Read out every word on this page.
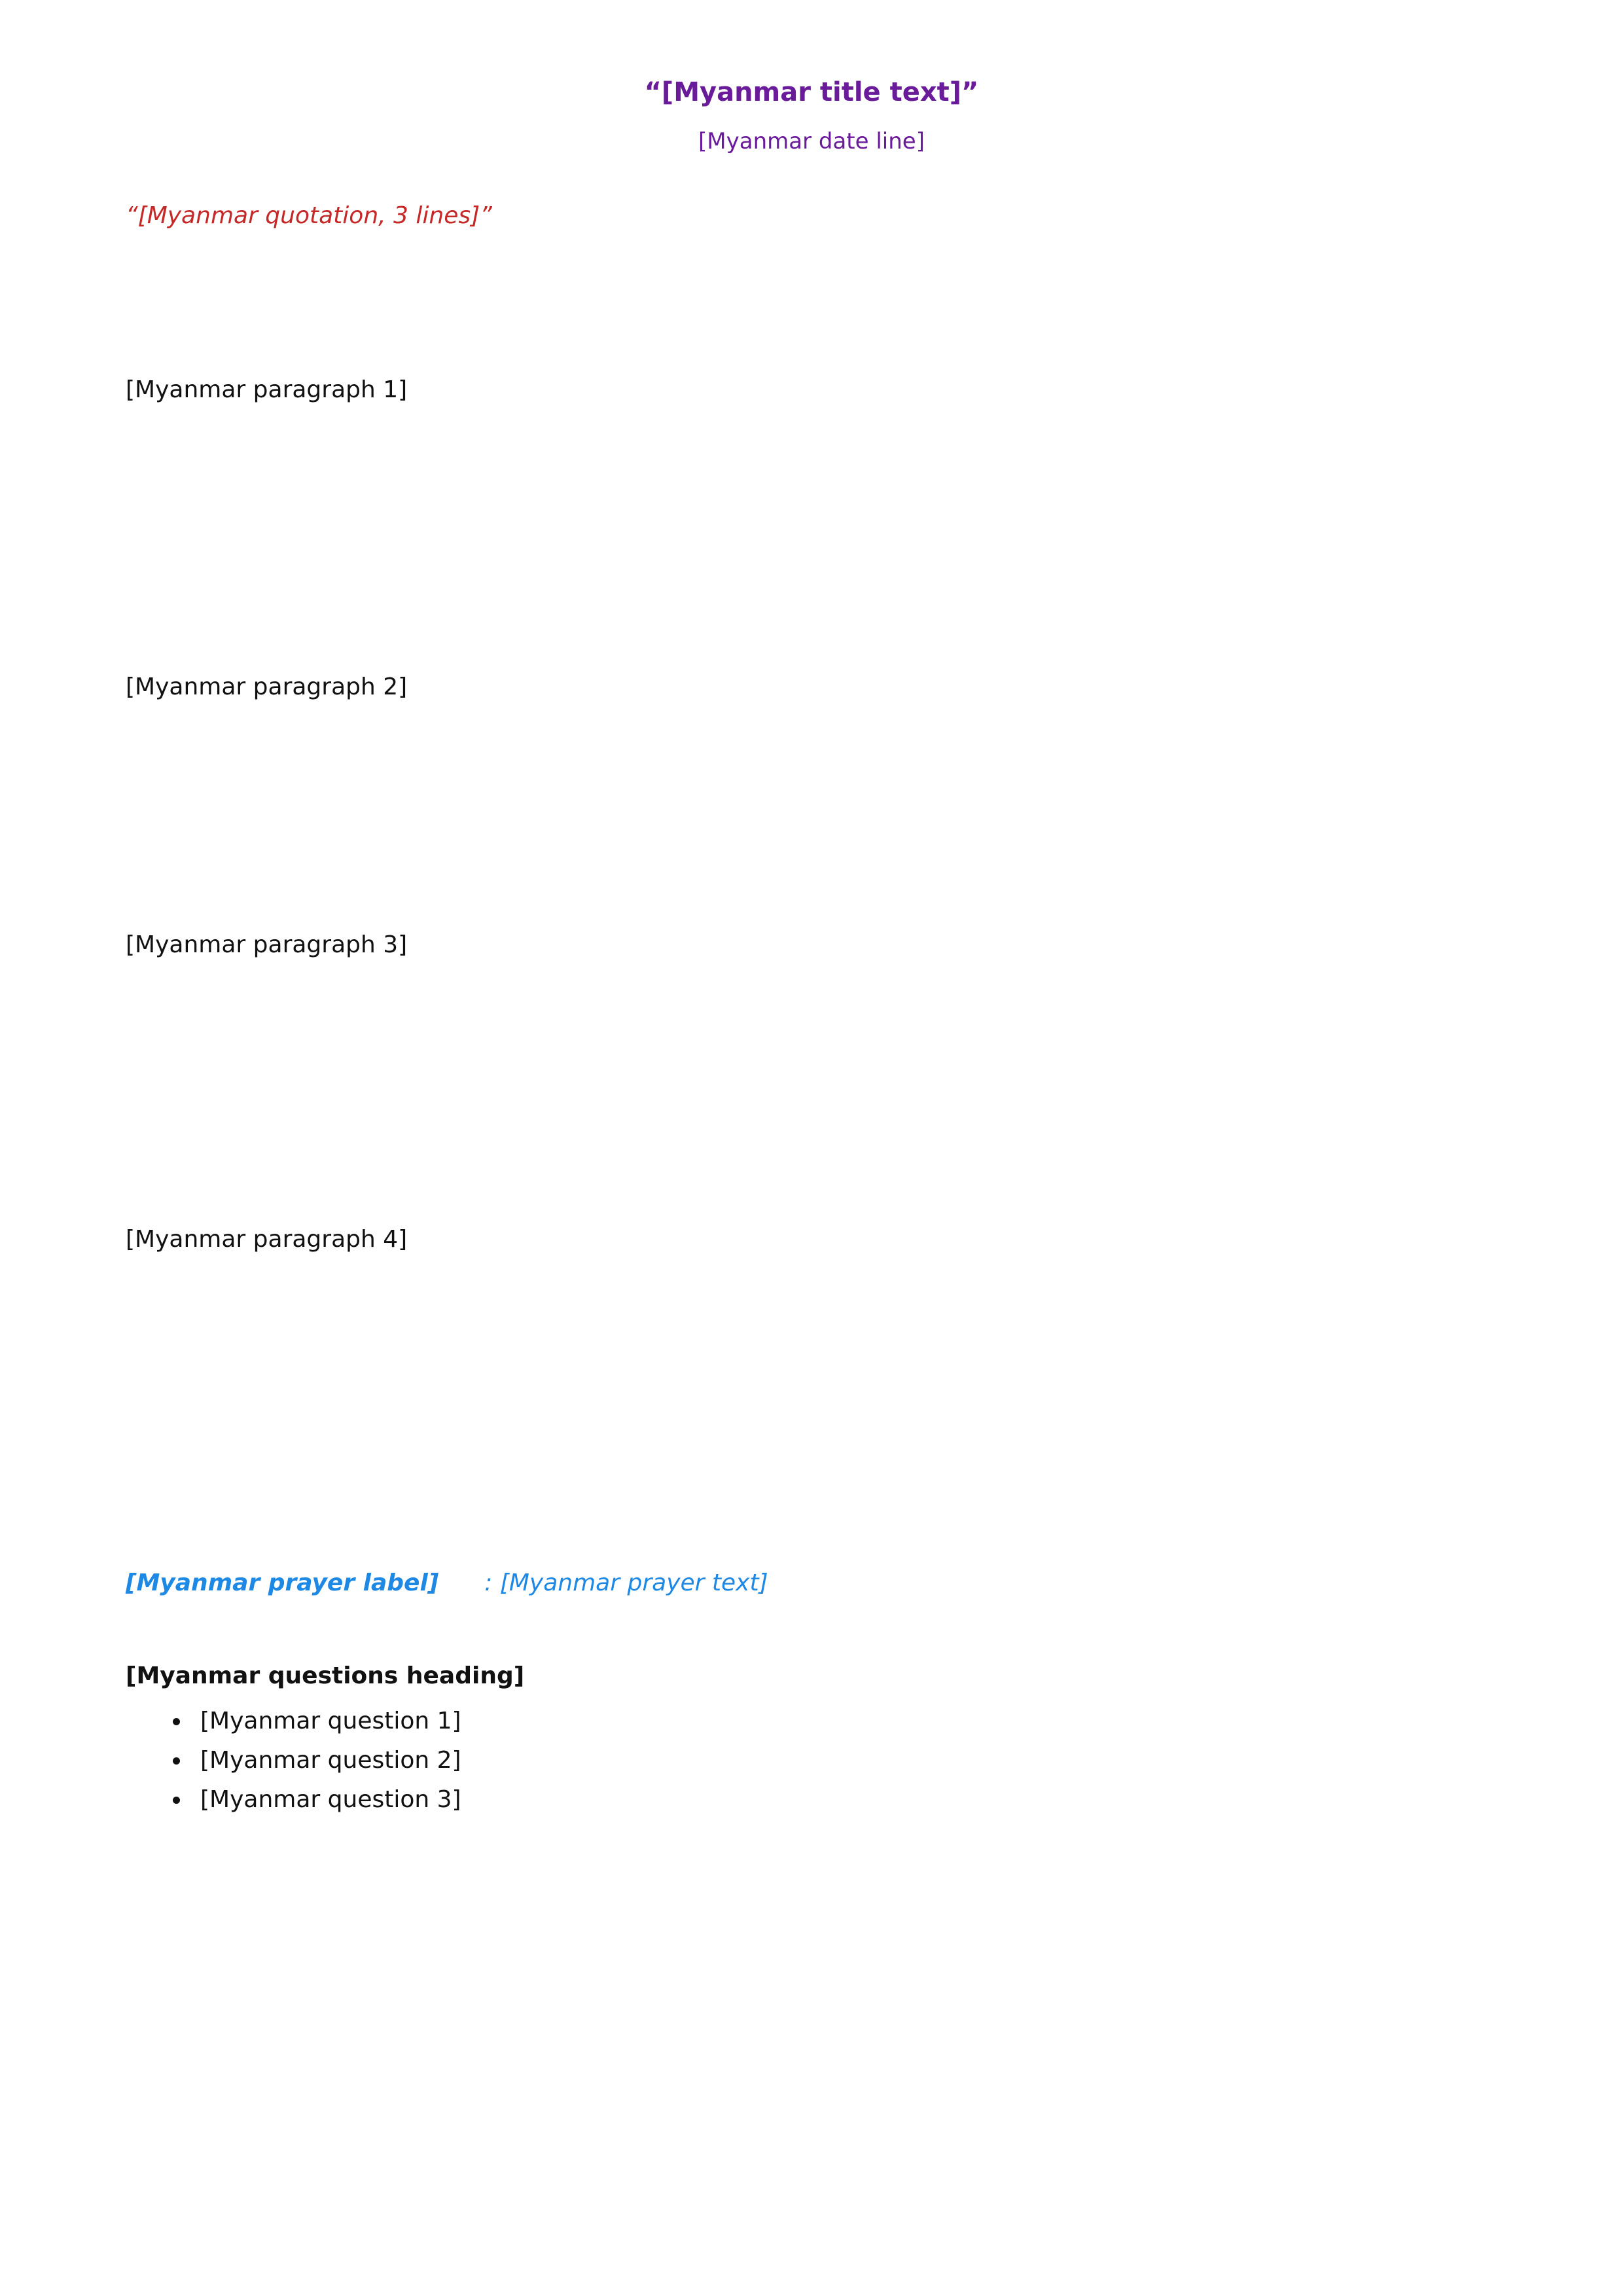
“[Myanmar title text]”
[Myanmar date line]
“[Myanmar quotation, 3 lines]”
[Myanmar paragraph 1]
[Myanmar paragraph 2]
[Myanmar paragraph 3]
[Myanmar paragraph 4]
[Myanmar prayer label] : [Myanmar prayer text]
[Myanmar questions heading]
• [Myanmar question 1]
• [Myanmar question 2]
• [Myanmar question 3]
